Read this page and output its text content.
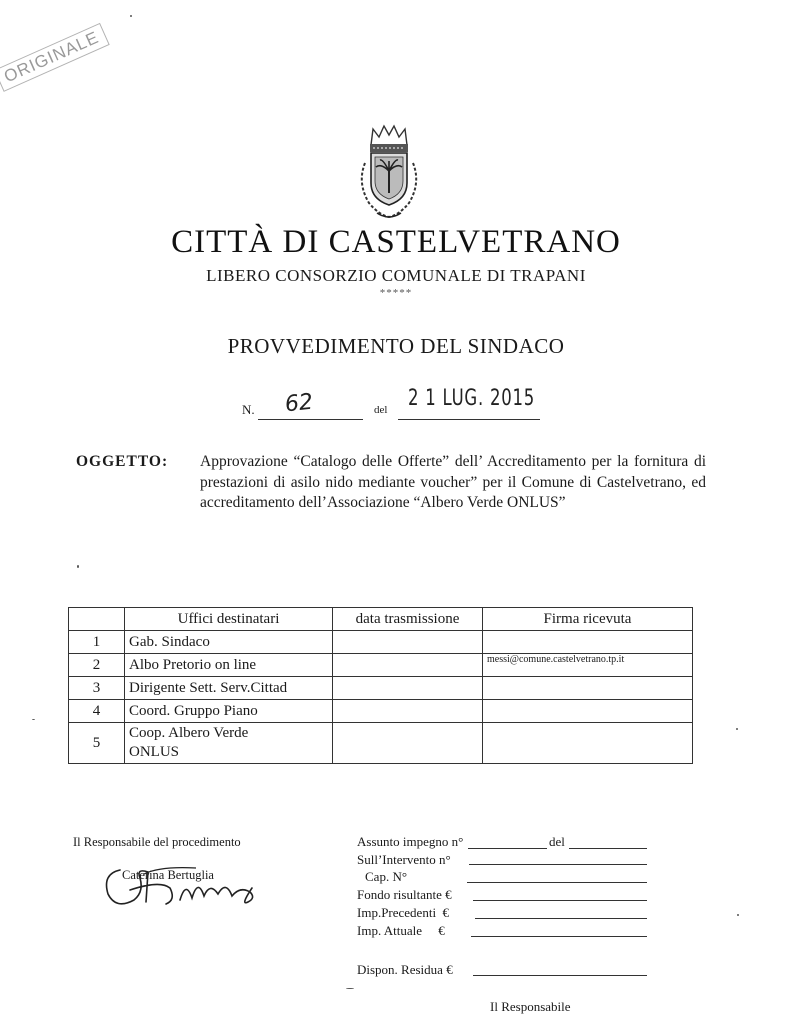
ORIGINALE
CITTÀ DI CASTELVETRANO
LIBERO CONSORZIO COMUNALE DI TRAPANI
*****
PROVVEDIMENTO DEL SINDACO
N. 62	del 2 1 LUG. 2015
OGGETTO: Approvazione “Catalogo delle Offerte” dell’ Accreditamento per la fornitura di prestazioni di asilo nido mediante voucher” per il Comune di Castelvetrano, ed accreditamento dell’Associazione “Albero Verde ONLUS”
	Uffici destinatari	data trasmissione	Firma ricevuta
1	Gab. Sindaco		
2	Albo Pretorio on line		messi@comune.castelvetrano.tp.it
3	Dirigente Sett. Serv.Cittad		
4	Coord. Gruppo Piano		
5	Coop. Albero Verde
ONLUS		
Il Responsabile del procedimento
Caterina Bertuglia
Assunto impegno n°	del
Sull’Intervento n°
Cap. N°
Fondo risultante €
Imp.Precedenti  €
Imp. Attuale     €
Dispon. Residua €
Il Responsabile
